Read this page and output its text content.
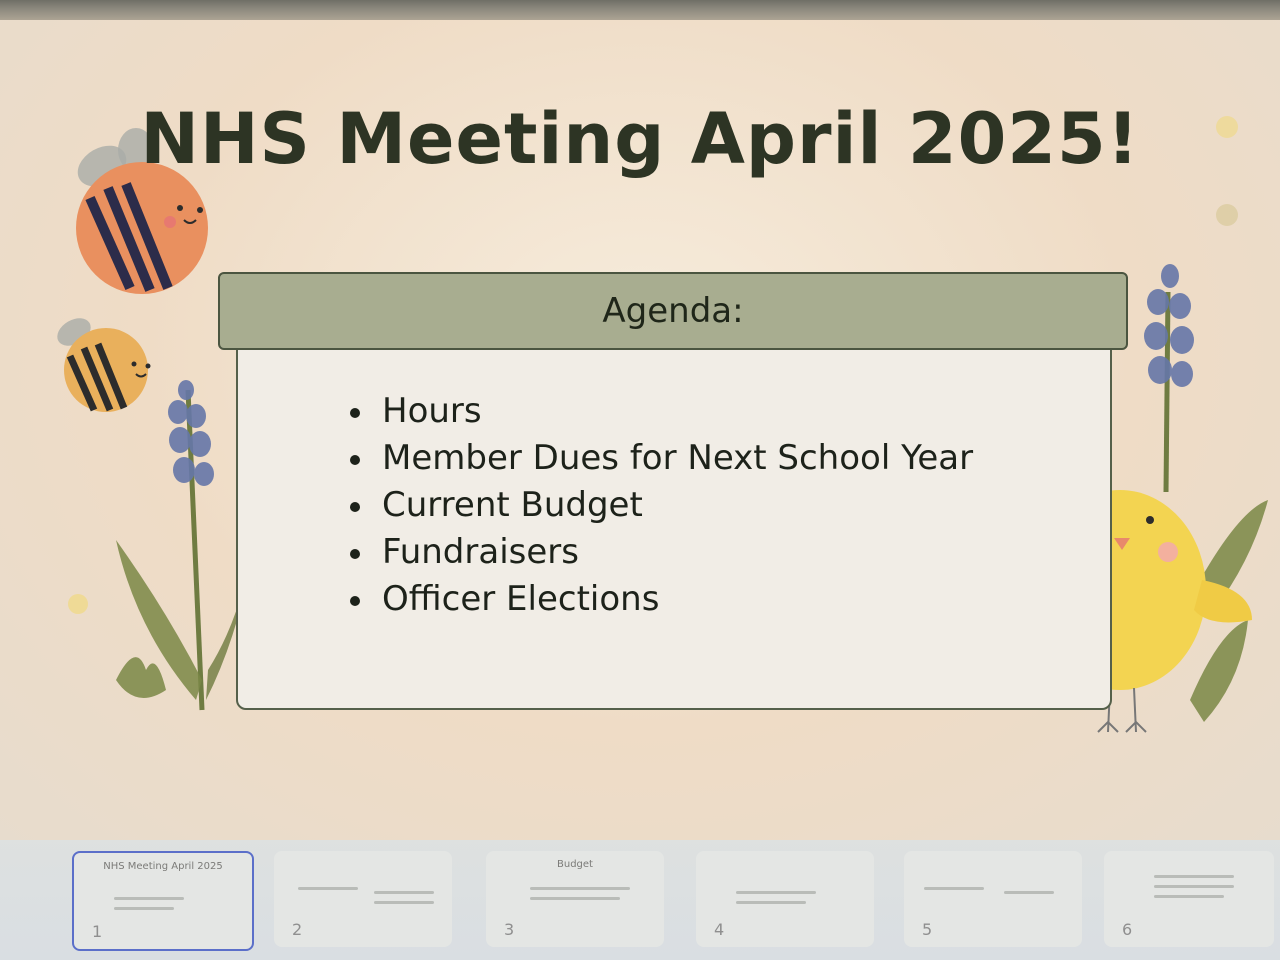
NHS Meeting April 2025!
Agenda:
Hours
Member Dues for Next School Year
Current Budget
Fundraisers
Officer Elections
NHS Meeting April 2025
1	2
Budget
3	4	5	6
